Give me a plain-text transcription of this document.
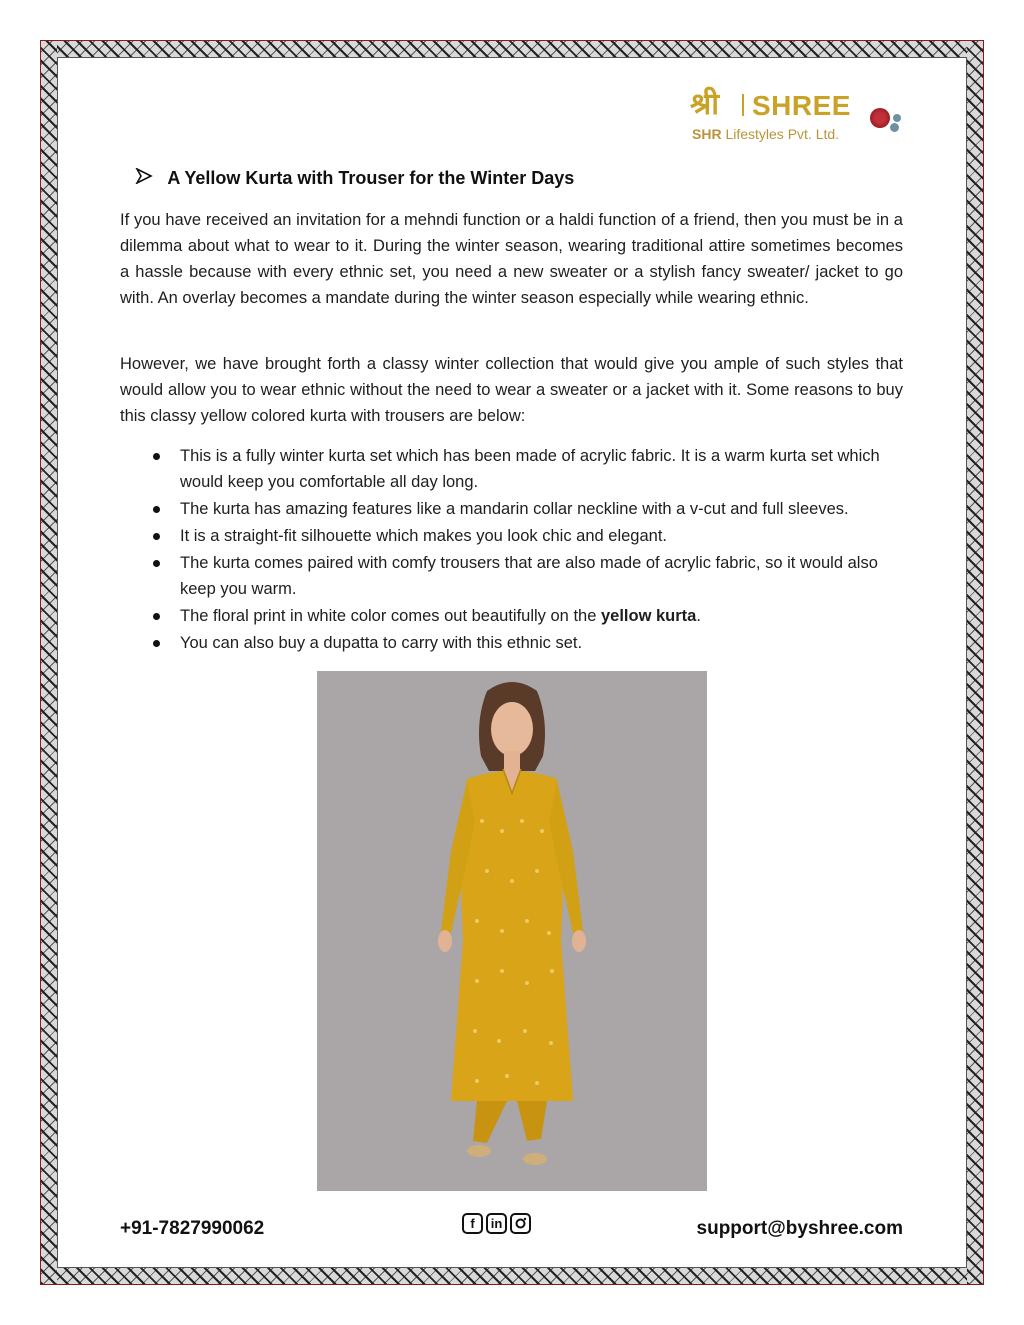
श्री SHREE
SHR Lifestyles Pvt. Ltd.
A Yellow Kurta with Trouser for the Winter Days

If you have received an invitation for a mehndi function or a haldi function of a friend, then you must be in a dilemma about what to wear to it. During the winter season, wearing traditional attire sometimes becomes a hassle because with every ethnic set, you need a new sweater or a stylish fancy sweater/ jacket to go with. An overlay becomes a mandate during the winter season especially while wearing ethnic.

However, we have brought forth a classy winter collection that would give you ample of such styles that would allow you to wear ethnic without the need to wear a sweater or a jacket with it. Some reasons to buy this classy yellow colored kurta with trousers are below:

This is a fully winter kurta set which has been made of acrylic fabric. It is a warm kurta set which would keep you comfortable all day long.
The kurta has amazing features like a mandarin collar neckline with a v-cut and full sleeves.
It is a straight-fit silhouette which makes you look chic and elegant.
The kurta comes paired with comfy trousers that are also made of acrylic fabric, so it would also keep you warm.
The floral print in white color comes out beautifully on the yellow kurta.
You can also buy a dupatta to carry with this ethnic set.
+91-7827990062	f	in	support@byshree.com
